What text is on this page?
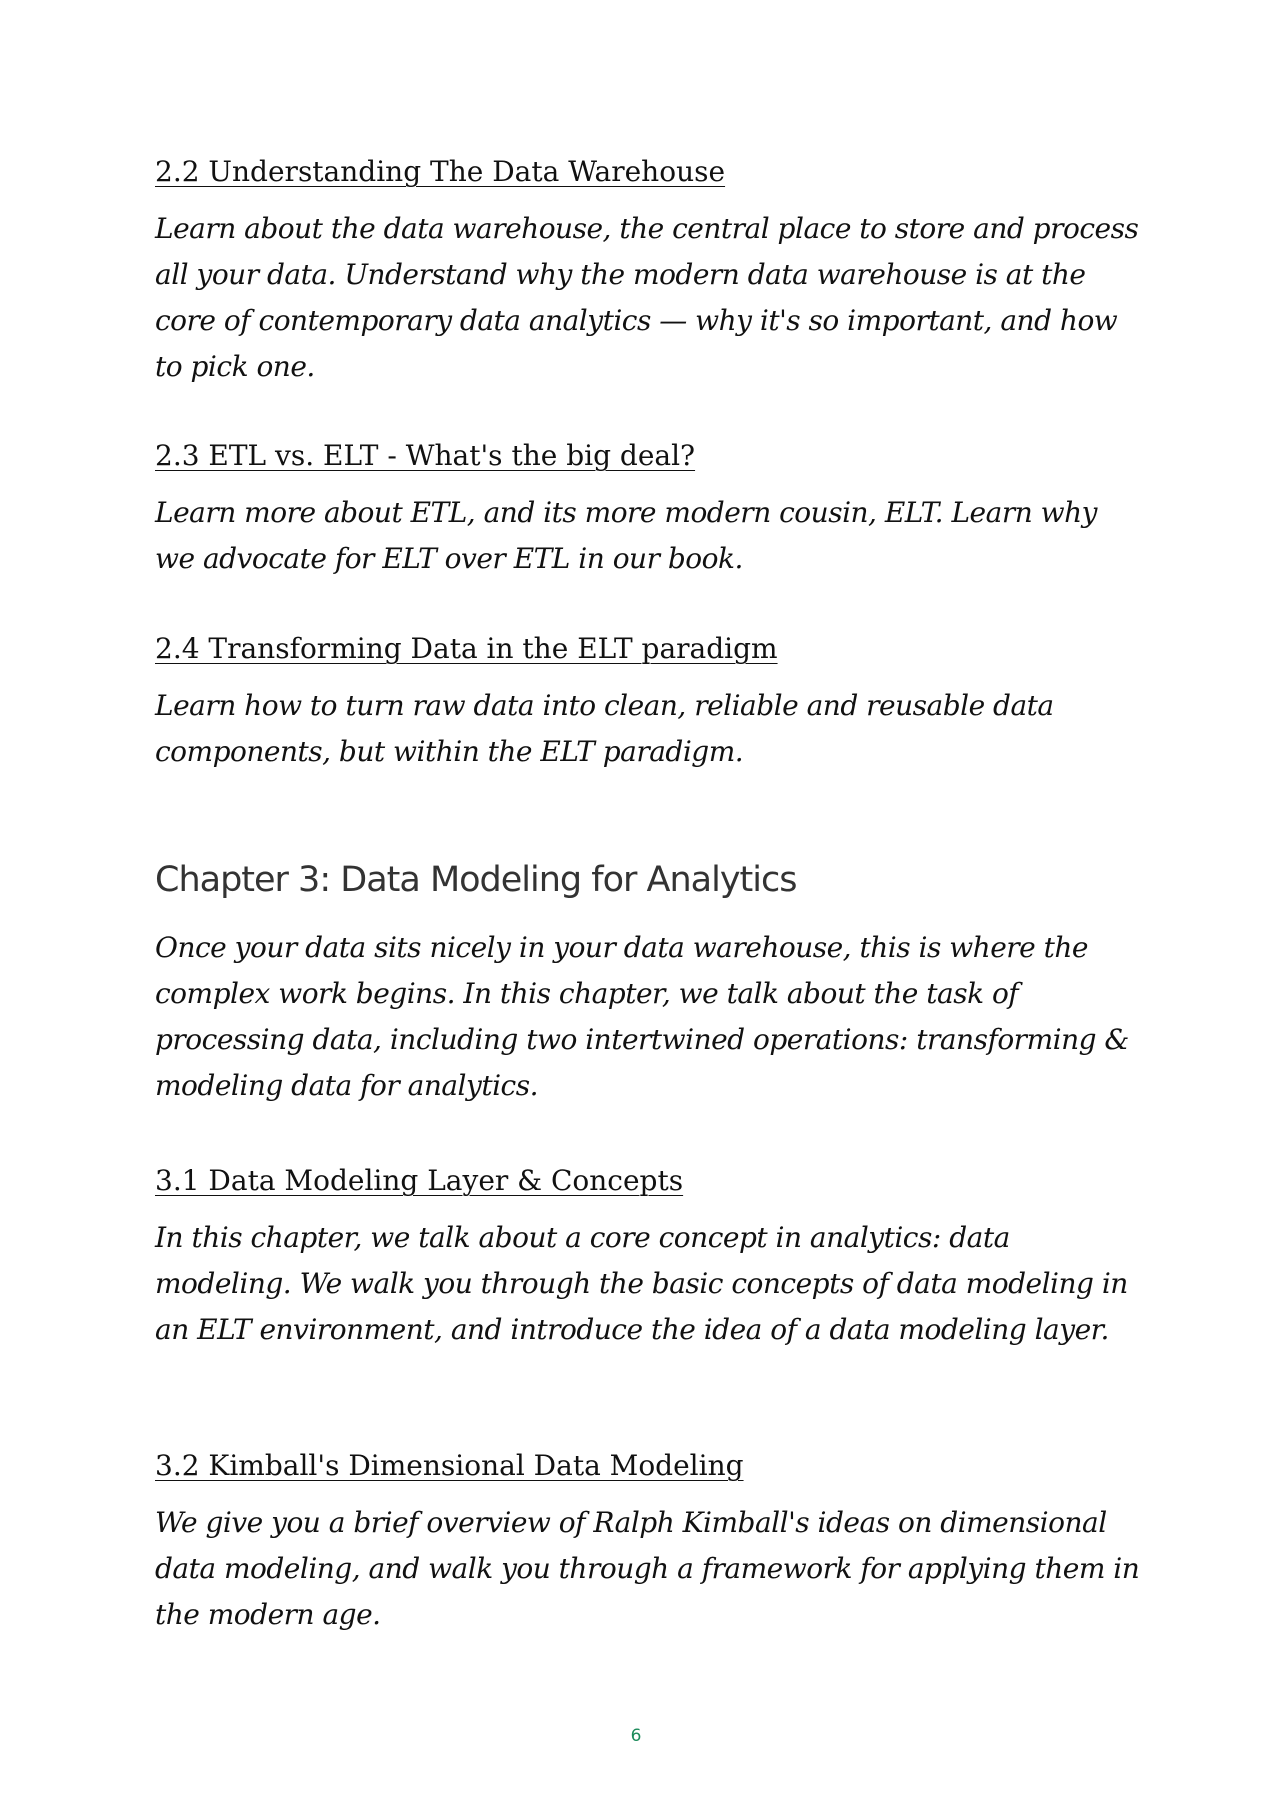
2.2 Understanding The Data Warehouse

Learn about the data warehouse, the central place to store and process all your data. Understand why the modern data warehouse is at the core of contemporary data analytics — why it's so important, and how to pick one.

2.3 ETL vs. ELT - What's the big deal?

Learn more about ETL, and its more modern cousin, ELT. Learn why we advocate for ELT over ETL in our book.

2.4 Transforming Data in the ELT paradigm

Learn how to turn raw data into clean, reliable and reusable data components, but within the ELT paradigm.

Chapter 3: Data Modeling for Analytics

Once your data sits nicely in your data warehouse, this is where the complex work begins. In this chapter, we talk about the task of processing data, including two intertwined operations: transforming & modeling data for analytics.

3.1 Data Modeling Layer & Concepts

In this chapter, we talk about a core concept in analytics: data modeling. We walk you through the basic concepts of data modeling in an ELT environment, and introduce the idea of a data modeling layer.

3.2 Kimball's Dimensional Data Modeling

We give you a brief overview of Ralph Kimball's ideas on dimensional data modeling, and walk you through a framework for applying them in the modern age.

6
